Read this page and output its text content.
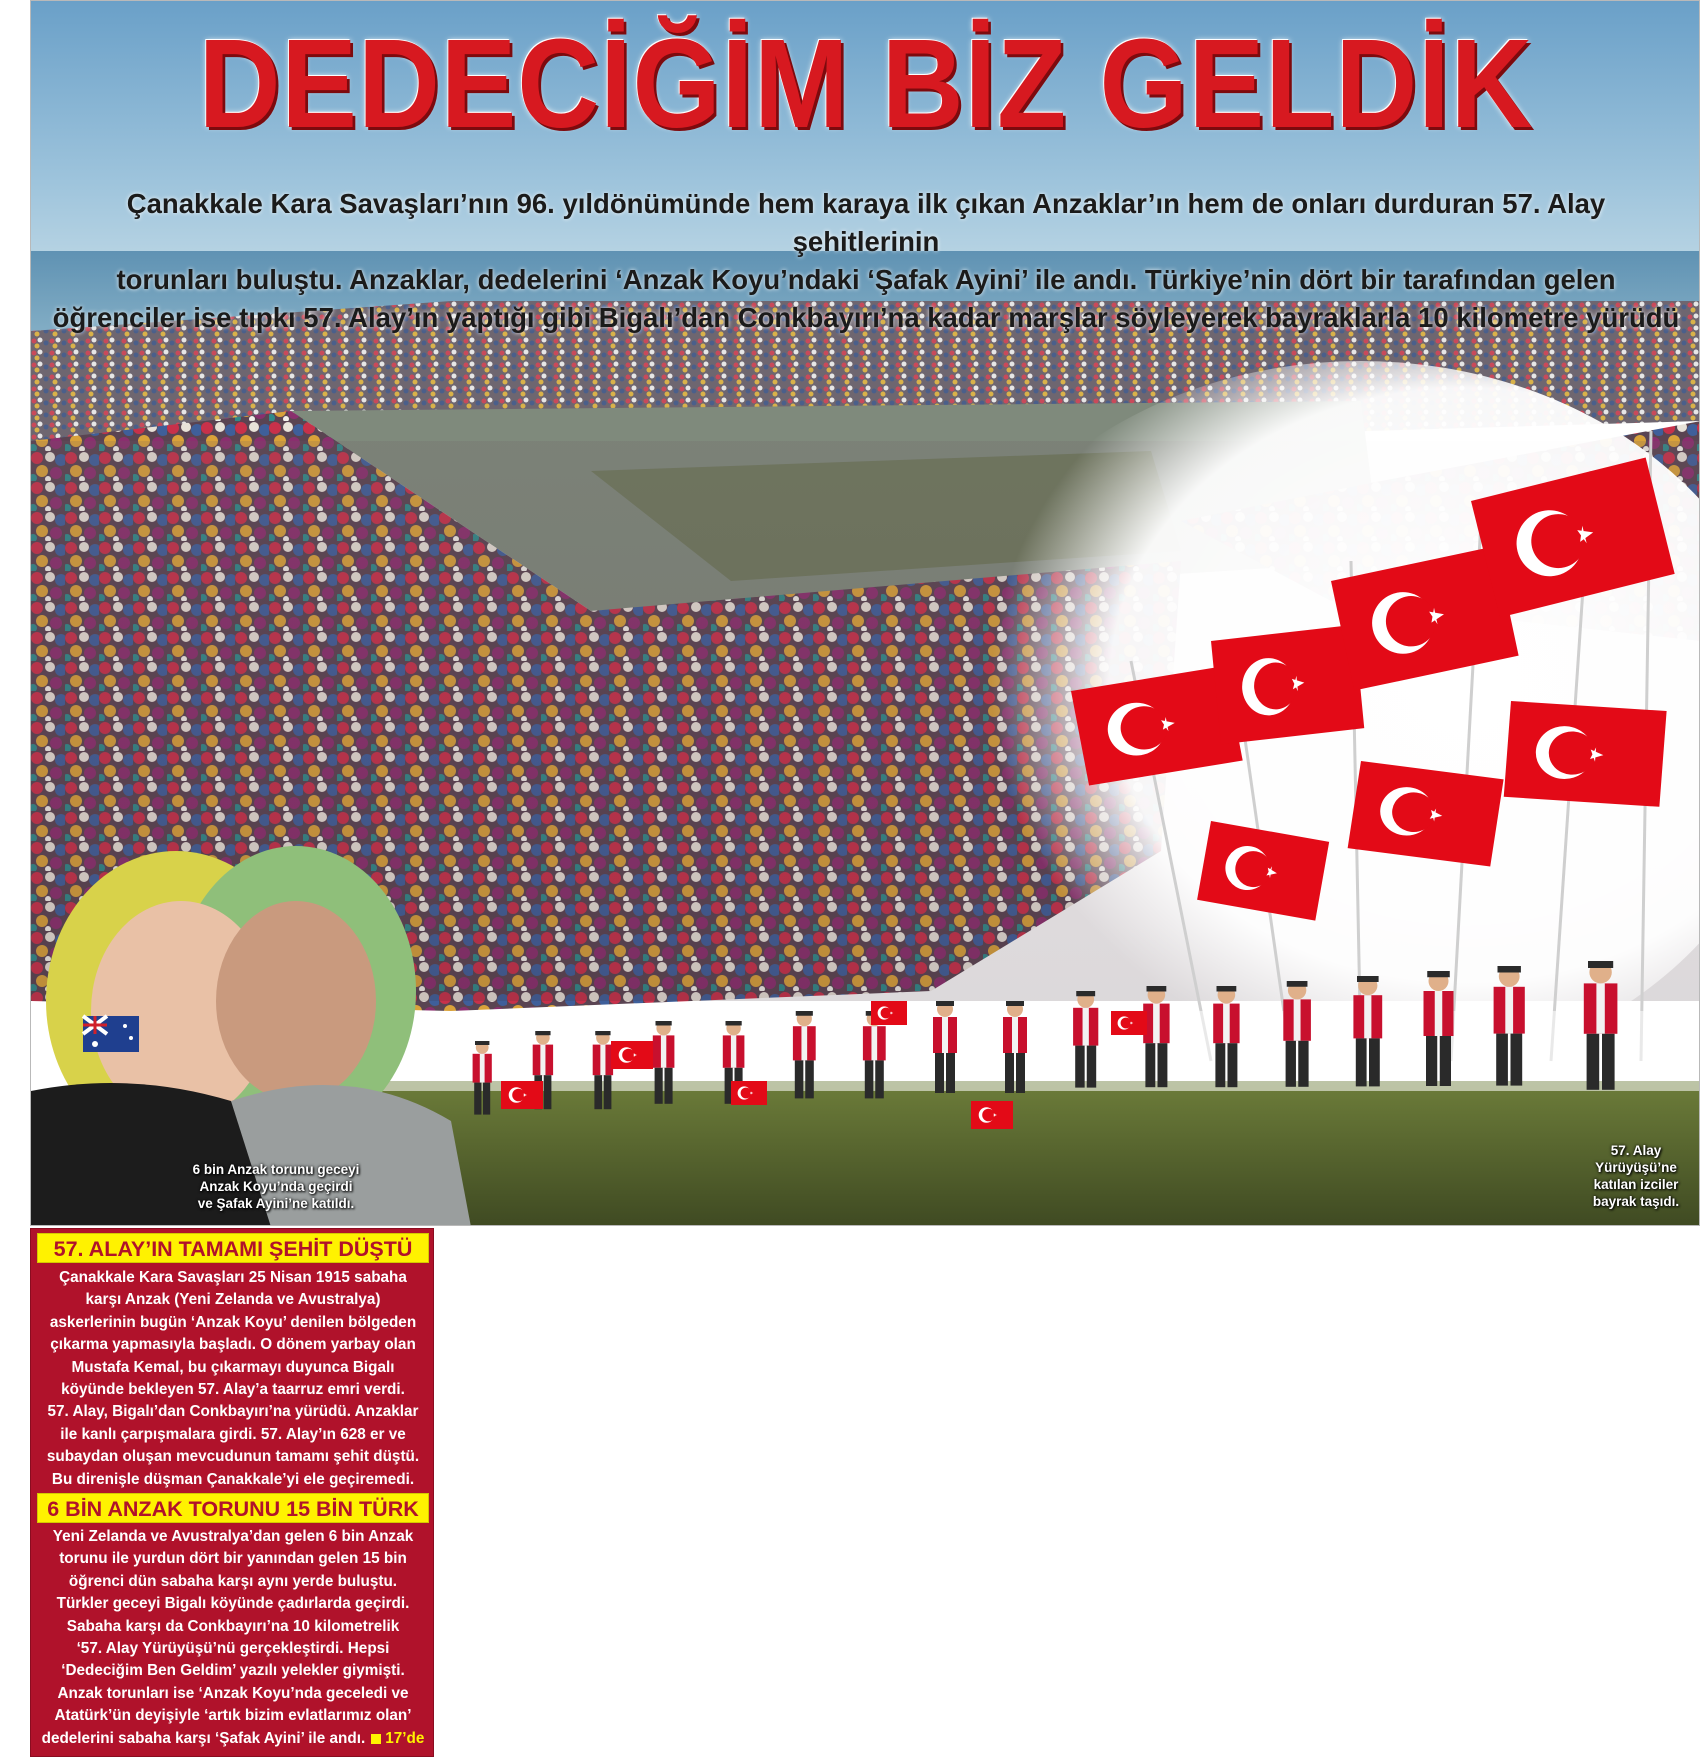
DEDECİĞİM BİZ GELDİK

Çanakkale Kara Savaşları’nın 96. yıldönümünde hem karaya ilk çıkan Anzaklar’ın hem de onları durduran 57. Alay şehitlerinin
torunları buluştu. Anzaklar, dedelerini ‘Anzak Koyu’ndaki ‘Şafak Ayini’ ile andı. Türkiye’nin dört bir tarafından gelen
öğrenciler ise tıpkı 57. Alay’ın yaptığı gibi Bigalı’dan Conkbayırı’na kadar marşlar söyleyerek bayraklarla 10 kilometre yürüdü

6 bin Anzak torunu geceyi
Anzak Koyu’nda geçirdi
ve Şafak Ayini’ne katıldı.

57. Alay
Yürüyüşü’ne
katılan izciler
bayrak taşıdı.

57. ALAY’IN TAMAMI ŞEHİT DÜŞTÜ

Çanakkale Kara Savaşları 25 Nisan 1915 sabaha
karşı Anzak (Yeni Zelanda ve Avustralya)
askerlerinin bugün ‘Anzak Koyu’ denilen bölgeden
çıkarma yapmasıyla başladı. O dönem yarbay olan
Mustafa Kemal, bu çıkarmayı duyunca Bigalı
köyünde bekleyen 57. Alay’a taarruz emri verdi.
57. Alay, Bigalı’dan Conkbayırı’na yürüdü. Anzaklar
ile kanlı çarpışmalara girdi. 57. Alay’ın 628 er ve
subaydan oluşan mevcudunun tamamı şehit düştü.
Bu direnişle düşman Çanakkale’yi ele geçiremedi.

6 BİN ANZAK TORUNU 15 BİN TÜRK

Yeni Zelanda ve Avustralya’dan gelen 6 bin Anzak
torunu ile yurdun dört bir yanından gelen 15 bin
öğrenci dün sabaha karşı aynı yerde buluştu.
Türkler geceyi Bigalı köyünde çadırlarda geçirdi.
Sabaha karşı da Conkbayırı’na 10 kilometrelik
‘57. Alay Yürüyüşü’nü gerçekleştirdi. Hepsi
‘Dedeciğim Ben Geldim’ yazılı yelekler giymişti.
Anzak torunları ise ‘Anzak Koyu’nda geceledi ve
Atatürk’ün deyişiyle ‘artık bizim evlatlarımız olan’
dedelerini sabaha karşı ‘Şafak Ayini’ ile andı. 17’de
